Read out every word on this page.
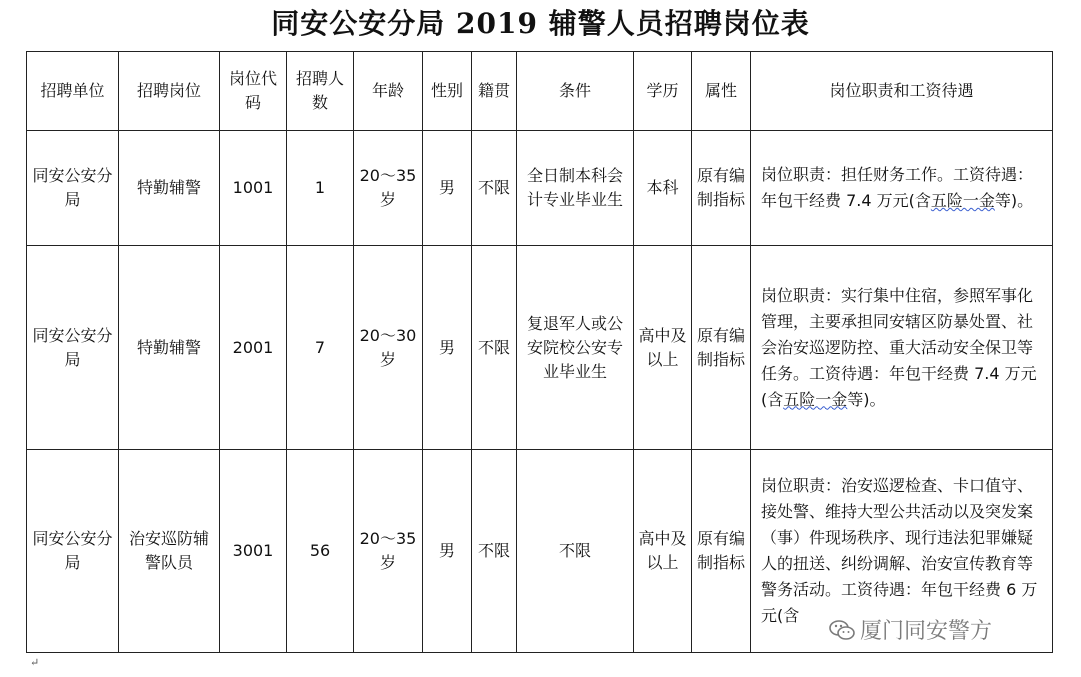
同安公安分局 2019 辅警人员招聘岗位表
招聘单位	招聘岗位	岗位代码	招聘人数	年龄	性别	籍贯	条件	学历	属性	岗位职责和工资待遇
同安公安分局	特勤辅警	1001	1	20～35岁	男	不限	全日制本科会计专业毕业生	本科	原有编制指标	岗位职责：担任财务工作。工资待遇：年包干经费 7.4 万元(含五险一金等)。
同安公安分局	特勤辅警	2001	7	20～30岁	男	不限	复退军人或公安院校公安专业毕业生	高中及以上	原有编制指标	岗位职责：实行集中住宿，参照军事化管理，主要承担同安辖区防暴处置、社会治安巡逻防控、重大活动安全保卫等任务。工资待遇：年包干经费 7.4 万元(含五险一金等)。
同安公安分局	治安巡防辅警队员	3001	56	20～35岁	男	不限	不限	高中及以上	原有编制指标	岗位职责：治安巡逻检查、卡口值守、接处警、维持大型公共活动以及突发案（事）件现场秩序、现行违法犯罪嫌疑人的扭送、纠纷调解、治安宣传教育等警务活动。工资待遇：年包干经费 6 万元(含
厦门同安警方
↵
